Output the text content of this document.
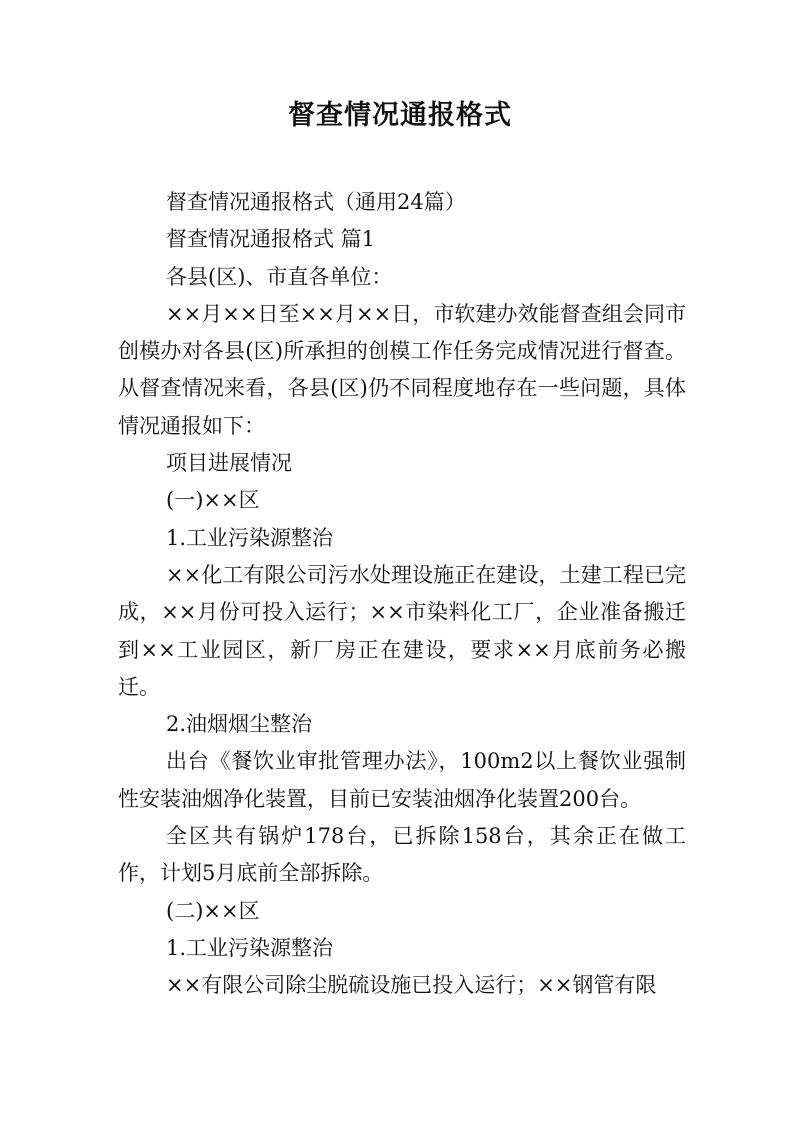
督查情况通报格式

督查情况通报格式（通用24篇）

督查情况通报格式 篇1

各县(区)、市直各单位：

××月××日至××月××日，市软建办效能督查组会同市创模办对各县(区)所承担的创模工作任务完成情况进行督查。从督查情况来看，各县(区)仍不同程度地存在一些问题，具体情况通报如下：

项目进展情况

(一)××区

1.工业污染源整治

××化工有限公司污水处理设施正在建设，土建工程已完成，××月份可投入运行；××市染料化工厂，企业准备搬迁到××工业园区，新厂房正在建设，要求××月底前务必搬迁。

2.油烟烟尘整治

出台《餐饮业审批管理办法》，100m2以上餐饮业强制性安装油烟净化装置，目前已安装油烟净化装置200台。

全区共有锅炉178台，已拆除158台，其余正在做工作，计划5月底前全部拆除。

(二)××区

1.工业污染源整治

××有限公司除尘脱硫设施已投入运行；××钢管有限
